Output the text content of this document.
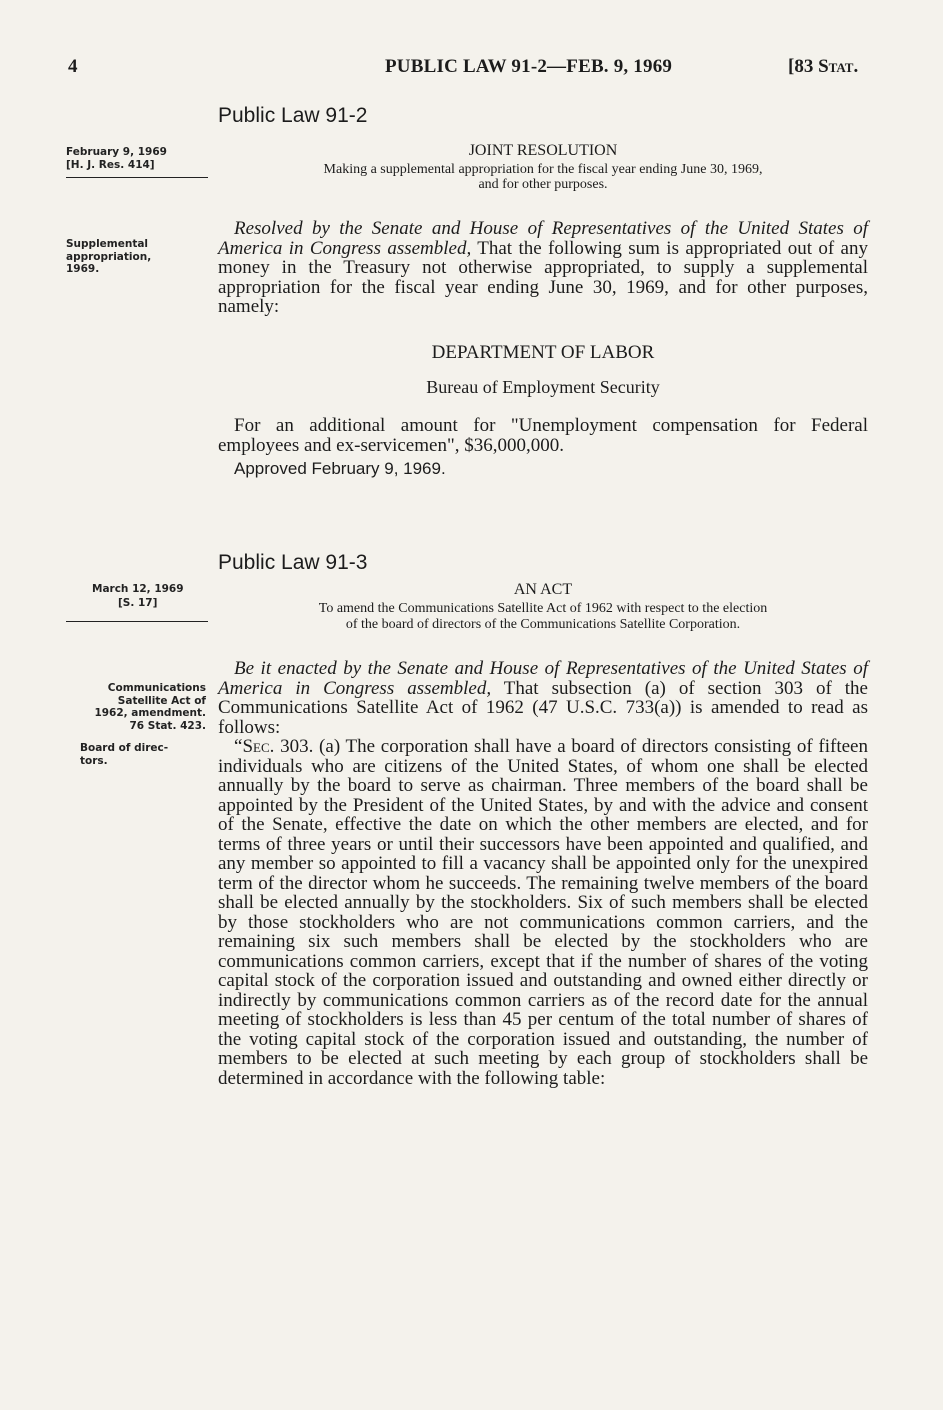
4	PUBLIC LAW 91-2—FEB. 9, 1969	[83 Stat.
Public Law 91-2
February 9, 1969
[H. J. Res. 414]
JOINT RESOLUTION
Making a supplemental appropriation for the fiscal year ending June 30, 1969,
and for other purposes.
Supplemental
appropriation,
1969.

Resolved by the Senate and House of Representatives of the United States of America in Congress assembled, That the following sum is appropriated out of any money in the Treasury not otherwise appropriated, to supply a supplemental appropriation for the fiscal year ending June 30, 1969, and for other purposes, namely:

DEPARTMENT OF LABOR
Bureau of Employment Security

For an additional amount for "Unemployment compensation for Federal employees and ex-servicemen", $36,000,000.

Approved February 9, 1969.
Public Law 91-3
March 12, 1969
[S. 17]
AN ACT
To amend the Communications Satellite Act of 1962 with respect to the election
of the board of directors of the Communications Satellite Corporation.
Communications
Satellite Act of
1962, amendment.
76 Stat. 423.
Board of direc-
tors.

Be it enacted by the Senate and House of Representatives of the United States of America in Congress assembled, That subsection (a) of section 303 of the Communications Satellite Act of 1962 (47 U.S.C. 733(a)) is amended to read as follows:

“Sec. 303. (a) The corporation shall have a board of directors consisting of fifteen individuals who are citizens of the United States, of whom one shall be elected annually by the board to serve as chairman. Three members of the board shall be appointed by the President of the United States, by and with the advice and consent of the Senate, effective the date on which the other members are elected, and for terms of three years or until their successors have been appointed and qualified, and any member so appointed to fill a vacancy shall be appointed only for the unexpired term of the director whom he succeeds. The remaining twelve members of the board shall be elected annually by the stockholders. Six of such members shall be elected by those stockholders who are not communications common carriers, and the remaining six such members shall be elected by the stockholders who are communications common carriers, except that if the number of shares of the voting capital stock of the corporation issued and outstanding and owned either directly or indirectly by communications common carriers as of the record date for the annual meeting of stockholders is less than 45 per centum of the total number of shares of the voting capital stock of the corporation issued and outstanding, the number of members to be elected at such meeting by each group of stockholders shall be determined in accordance with the following table:
